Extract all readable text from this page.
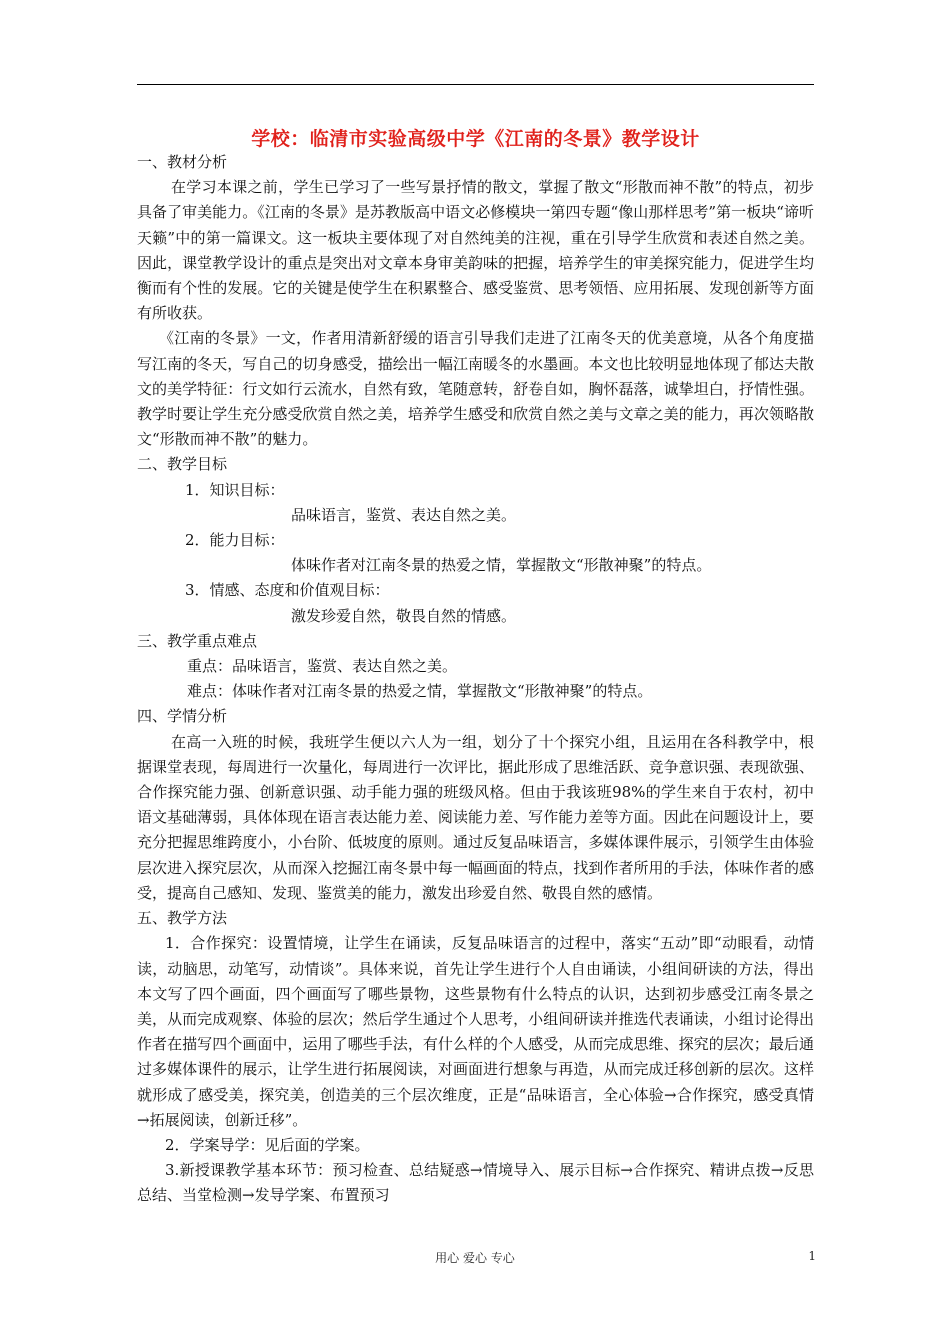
学校：临清市实验高级中学《江南的冬景》教学设计

一、教材分析

在学习本课之前，学生已学习了一些写景抒情的散文，掌握了散文“形散而神不散”的特点，初步具备了审美能力。《江南的冬景》是苏教版高中语文必修模块一第四专题“像山那样思考”第一板块“谛听天籁”中的第一篇课文。这一板块主要体现了对自然纯美的注视，重在引导学生欣赏和表述自然之美。因此，课堂教学设计的重点是突出对文章本身审美韵味的把握，培养学生的审美探究能力，促进学生均衡而有个性的发展。它的关键是使学生在积累整合、感受鉴赏、思考领悟、应用拓展、发现创新等方面有所收获。

《江南的冬景》一文，作者用清新舒缓的语言引导我们走进了江南冬天的优美意境，从各个角度描写江南的冬天，写自己的切身感受，描绘出一幅江南暖冬的水墨画。本文也比较明显地体现了郁达夫散文的美学特征：行文如行云流水，自然有致，笔随意转，舒卷自如，胸怀磊落，诚挚坦白，抒情性强。教学时要让学生充分感受欣赏自然之美，培养学生感受和欣赏自然之美与文章之美的能力，再次领略散文“形散而神不散”的魅力。

二、教学目标

1．知识目标：

品味语言，鉴赏、表达自然之美。

2．能力目标：

体味作者对江南冬景的热爱之情，掌握散文“形散神聚”的特点。

3．情感、态度和价值观目标：

激发珍爱自然，敬畏自然的情感。

三、教学重点难点

重点：品味语言，鉴赏、表达自然之美。

难点：体味作者对江南冬景的热爱之情，掌握散文“形散神聚”的特点。

四、学情分析

在高一入班的时候，我班学生便以六人为一组，划分了十个探究小组，且运用在各科教学中，根据课堂表现，每周进行一次量化，每周进行一次评比，据此形成了思维活跃、竞争意识强、表现欲强、合作探究能力强、创新意识强、动手能力强的班级风格。但由于我该班98%的学生来自于农村，初中语文基础薄弱，具体体现在语言表达能力差、阅读能力差、写作能力差等方面。因此在问题设计上，要充分把握思维跨度小，小台阶、低坡度的原则。通过反复品味语言，多媒体课件展示，引领学生由体验层次进入探究层次，从而深入挖掘江南冬景中每一幅画面的特点，找到作者所用的手法，体味作者的感受，提高自己感知、发现、鉴赏美的能力，激发出珍爱自然、敬畏自然的感情。

五、教学方法

1．合作探究：设置情境，让学生在诵读，反复品味语言的过程中，落实“五动”即“动眼看，动情读，动脑思，动笔写，动情谈”。具体来说，首先让学生进行个人自由诵读，小组间研读的方法，得出本文写了四个画面，四个画面写了哪些景物，这些景物有什么特点的认识，达到初步感受江南冬景之美，从而完成观察、体验的层次；然后学生通过个人思考，小组间研读并推选代表诵读，小组讨论得出作者在描写四个画面中，运用了哪些手法，有什么样的个人感受，从而完成思维、探究的层次；最后通过多媒体课件的展示，让学生进行拓展阅读，对画面进行想象与再造，从而完成迁移创新的层次。这样就形成了感受美，探究美，创造美的三个层次维度，正是“品味语言，全心体验→合作探究，感受真情→拓展阅读，创新迁移”。

2．学案导学：见后面的学案。

3.新授课教学基本环节：预习检查、总结疑惑→情境导入、展示目标→合作探究、精讲点拨→反思总结、当堂检测→发导学案、布置预习

用心 爱心 专心	1
